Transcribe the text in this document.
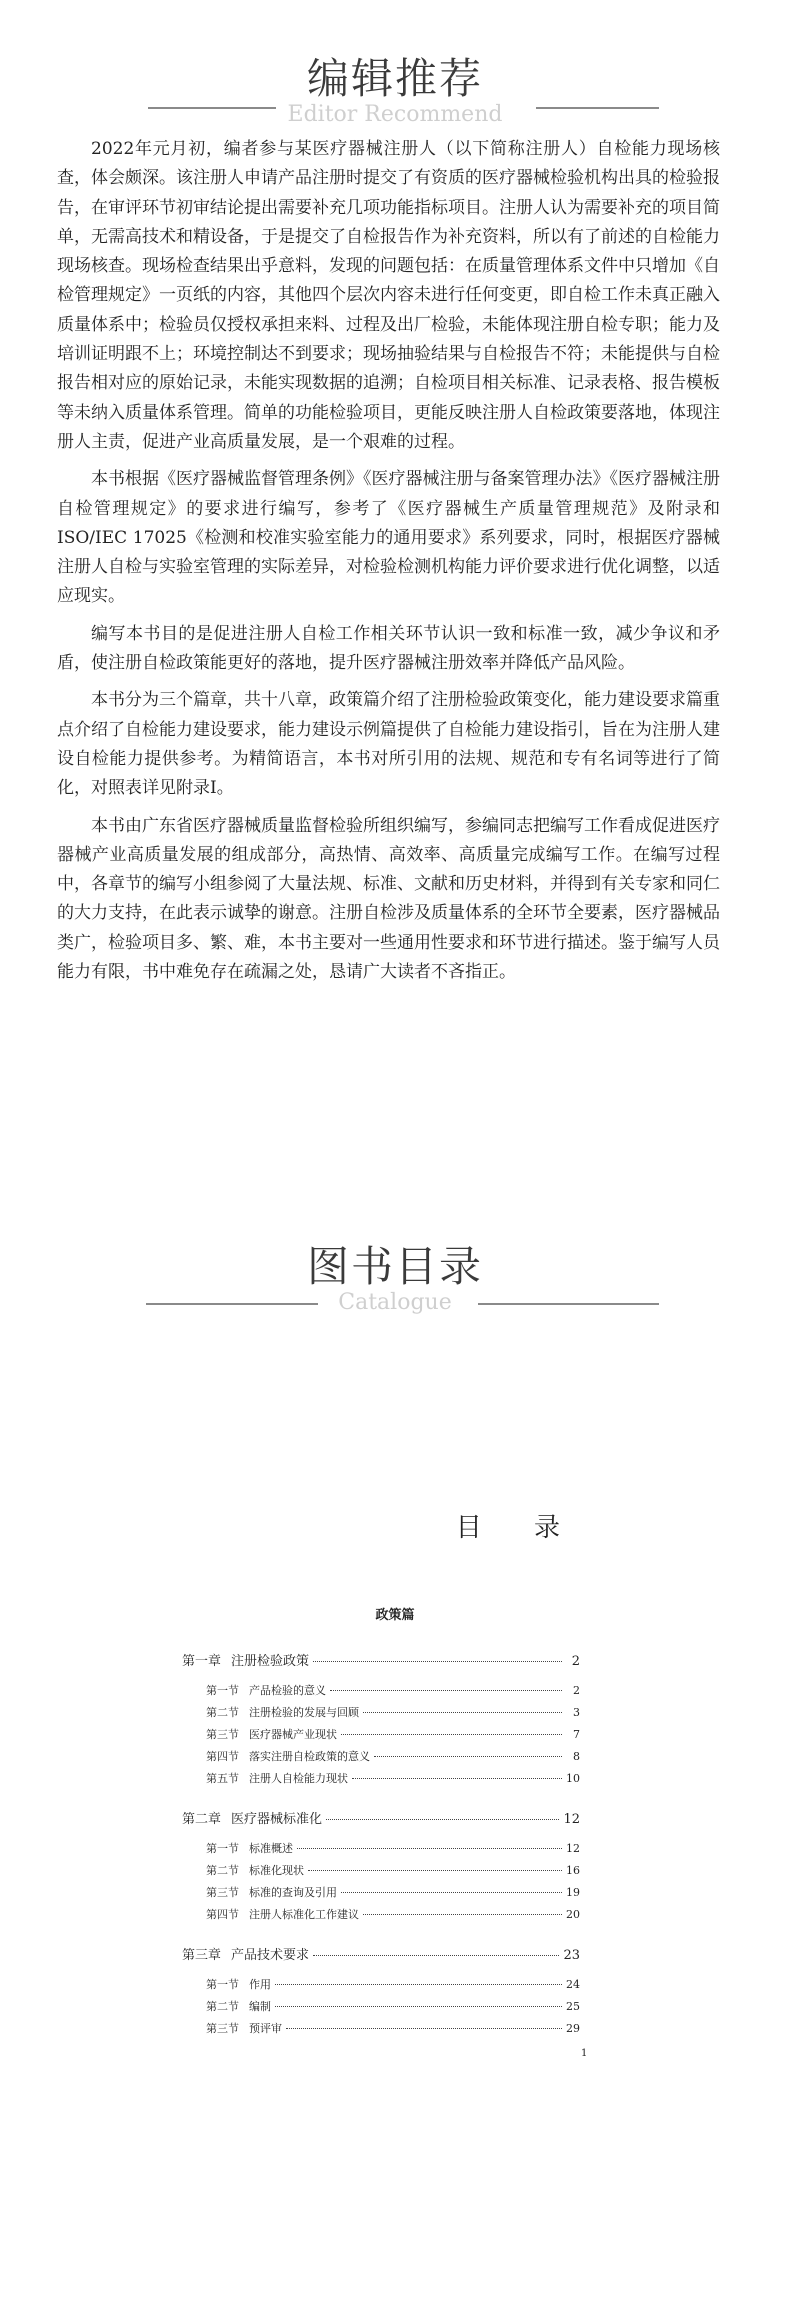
编辑推荐
Editor Recommend

2022年元月初，编者参与某医疗器械注册人（以下简称注册人）自检能力现场核查，体会颇深。该注册人申请产品注册时提交了有资质的医疗器械检验机构出具的检验报告，在审评环节初审结论提出需要补充几项功能指标项目。注册人认为需要补充的项目简单，无需高技术和精设备，于是提交了自检报告作为补充资料，所以有了前述的自检能力现场核查。现场检查结果出乎意料，发现的问题包括：在质量管理体系文件中只增加《自检管理规定》一页纸的内容，其他四个层次内容未进行任何变更，即自检工作未真正融入质量体系中；检验员仅授权承担来料、过程及出厂检验，未能体现注册自检专职；能力及培训证明跟不上；环境控制达不到要求；现场抽验结果与自检报告不符；未能提供与自检报告相对应的原始记录，未能实现数据的追溯；自检项目相关标准、记录表格、报告模板等未纳入质量体系管理。简单的功能检验项目，更能反映注册人自检政策要落地，体现注册人主责，促进产业高质量发展，是一个艰难的过程。

本书根据《医疗器械监督管理条例》《医疗器械注册与备案管理办法》《医疗器械注册自检管理规定》的要求进行编写，参考了《医疗器械生产质量管理规范》及附录和 ISO/IEC 17025《检测和校准实验室能力的通用要求》系列要求，同时，根据医疗器械注册人自检与实验室管理的实际差异，对检验检测机构能力评价要求进行优化调整，以适应现实。

编写本书目的是促进注册人自检工作相关环节认识一致和标准一致，减少争议和矛盾，使注册自检政策能更好的落地，提升医疗器械注册效率并降低产品风险。

本书分为三个篇章，共十八章，政策篇介绍了注册检验政策变化，能力建设要求篇重点介绍了自检能力建设要求，能力建设示例篇提供了自检能力建设指引，旨在为注册人建设自检能力提供参考。为精简语言，本书对所引用的法规、规范和专有名词等进行了简化，对照表详见附录Ⅰ。

本书由广东省医疗器械质量监督检验所组织编写，参编同志把编写工作看成促进医疗器械产业高质量发展的组成部分，高热情、高效率、高质量完成编写工作。在编写过程中，各章节的编写小组参阅了大量法规、标准、文献和历史材料，并得到有关专家和同仁的大力支持，在此表示诚挚的谢意。注册自检涉及质量体系的全环节全要素，医疗器械品类广，检验项目多、繁、难，本书主要对一些通用性要求和环节进行描述。鉴于编写人员能力有限，书中难免存在疏漏之处，恳请广大读者不吝指正。

图书目录
Catalogue
目 录
政策篇
第一章 注册检验政策	2
第一节 产品检验的意义	2
第二节 注册检验的发展与回顾	3
第三节 医疗器械产业现状	7
第四节 落实注册自检政策的意义	8
第五节 注册人自检能力现状	10
第二章 医疗器械标准化	12
第一节 标准概述	12
第二节 标准化现状	16
第三节 标准的查询及引用	19
第四节 注册人标准化工作建议	20
第三章 产品技术要求	23
第一节 作用	24
第二节 编制	25
第三节 预评审	29
1
